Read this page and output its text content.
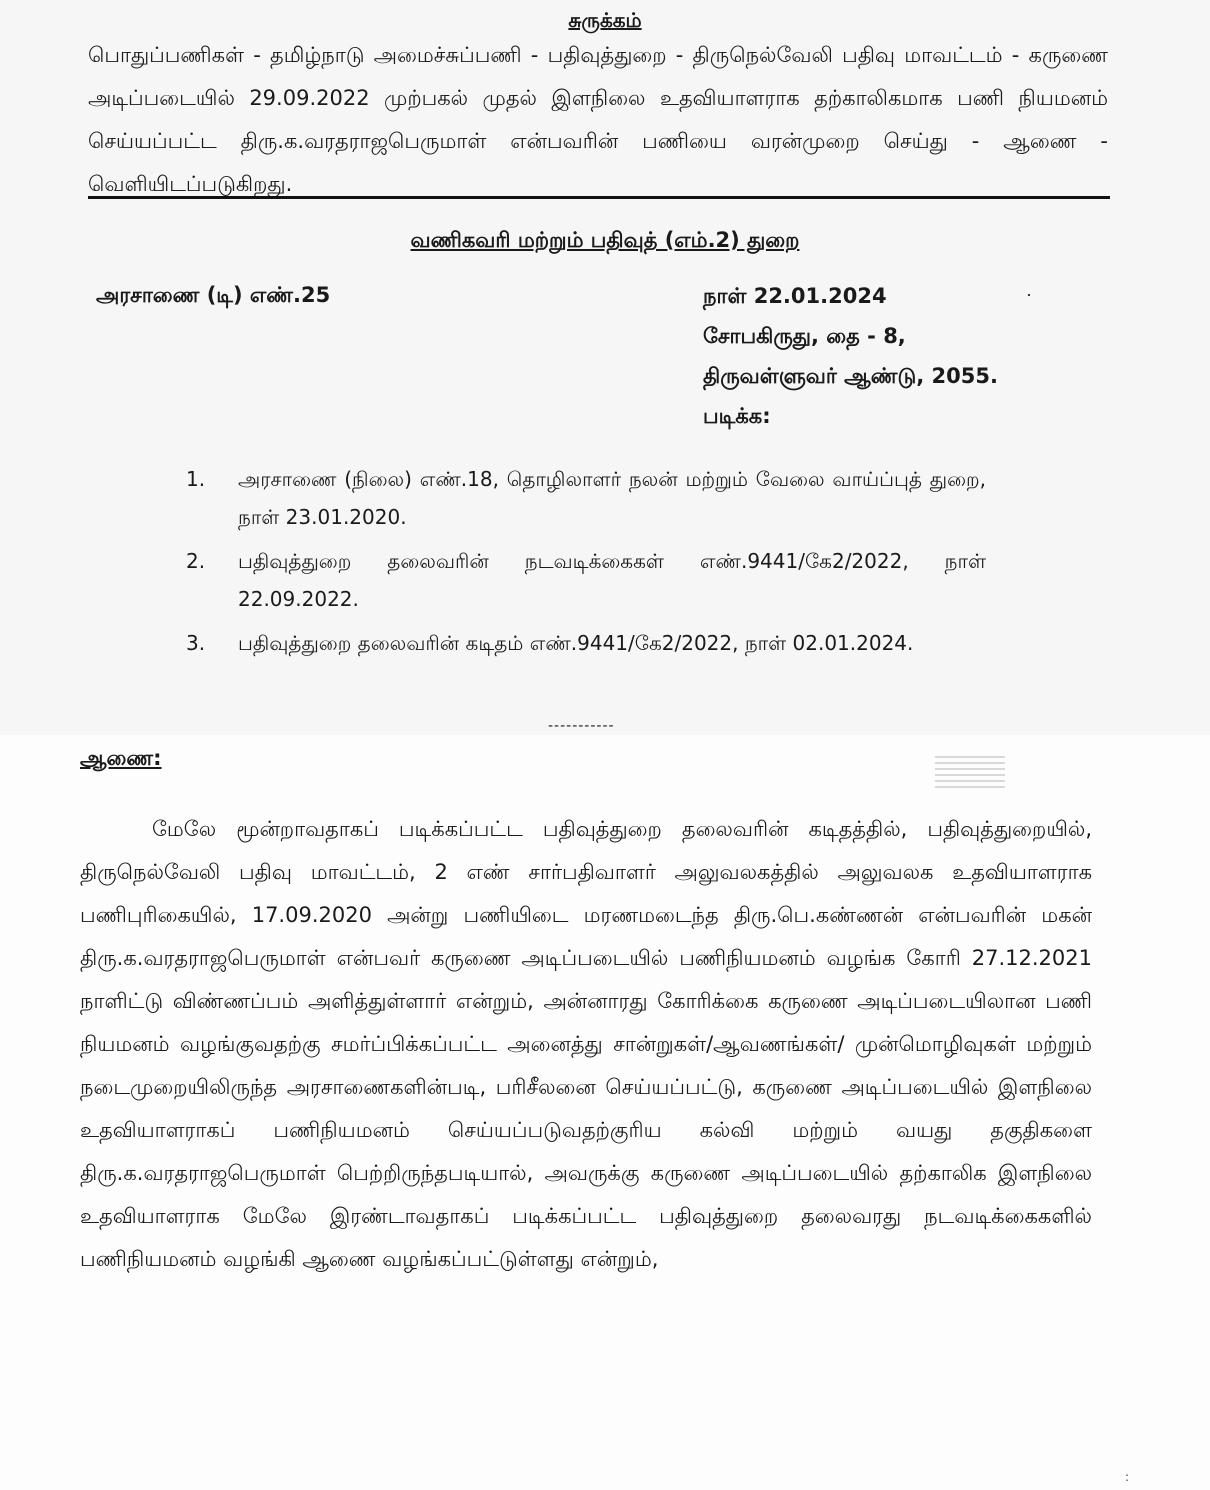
சுருக்கம்
பொதுப்பணிகள் - தமிழ்நாடு அமைச்சுப்பணி - பதிவுத்துறை - திருநெல்வேலி பதிவு மாவட்டம் - கருணை அடிப்படையில் 29.09.2022 முற்பகல் முதல் இளநிலை உதவியாளராக தற்காலிகமாக பணி நியமனம் செய்யப்பட்ட திரு.க.வரதராஜபெருமாள் என்பவரின் பணியை வரன்முறை செய்து - ஆணை - வெளியிடப்படுகிறது.
வணிகவரி மற்றும் பதிவுத் (எம்.2) துறை
அரசாணை (டி) எண்.25	நாள் 22.01.2024
சோபகிருது, தை - 8,
திருவள்ளுவர் ஆண்டு, 2055.
படிக்க:
ᐧ
1. அரசாணை (நிலை) எண்.18, தொழிலாளர் நலன் மற்றும் வேலை வாய்ப்புத் துறை, நாள் 23.01.2020.
2. பதிவுத்துறை தலைவரின் நடவடிக்கைகள் எண்.9441/கே2/2022, நாள் 22.09.2022.
3. பதிவுத்துறை தலைவரின் கடிதம் எண்.9441/கே2/2022, நாள் 02.01.2024.
-----------
ஆணை:
மேலே மூன்றாவதாகப் படிக்கப்பட்ட பதிவுத்துறை தலைவரின் கடிதத்தில், பதிவுத்துறையில், திருநெல்வேலி பதிவு மாவட்டம், 2 எண் சார்பதிவாளர் அலுவலகத்தில் அலுவலக உதவியாளராக பணிபுரிகையில், 17.09.2020 அன்று பணியிடை மரணமடைந்த திரு.பெ.கண்ணன் என்பவரின் மகன் திரு.க.வரதராஜபெருமாள் என்பவர் கருணை அடிப்படையில் பணிநியமனம் வழங்க கோரி 27.12.2021 நாளிட்டு விண்ணப்பம் அளித்துள்ளார் என்றும், அன்னாரது கோரிக்கை கருணை அடிப்படையிலான பணி நியமனம் வழங்குவதற்கு சமர்ப்பிக்கப்பட்ட அனைத்து சான்றுகள்/ஆவணங்கள்/ முன்மொழிவுகள் மற்றும் நடைமுறையிலிருந்த அரசாணைகளின்படி, பரிசீலனை செய்யப்பட்டு, கருணை அடிப்படையில் இளநிலை உதவியாளராகப் பணிநியமனம் செய்யப்படுவதற்குரிய கல்வி மற்றும் வயது தகுதிகளை திரு.க.வரதராஜபெருமாள் பெற்றிருந்தபடியால், அவருக்கு கருணை அடிப்படையில் தற்காலிக இளநிலை உதவியாளராக மேலே இரண்டாவதாகப் படிக்கப்பட்ட பதிவுத்துறை தலைவரது நடவடிக்கைகளில் பணிநியமனம் வழங்கி ஆணை வழங்கப்பட்டுள்ளது என்றும்,
:
